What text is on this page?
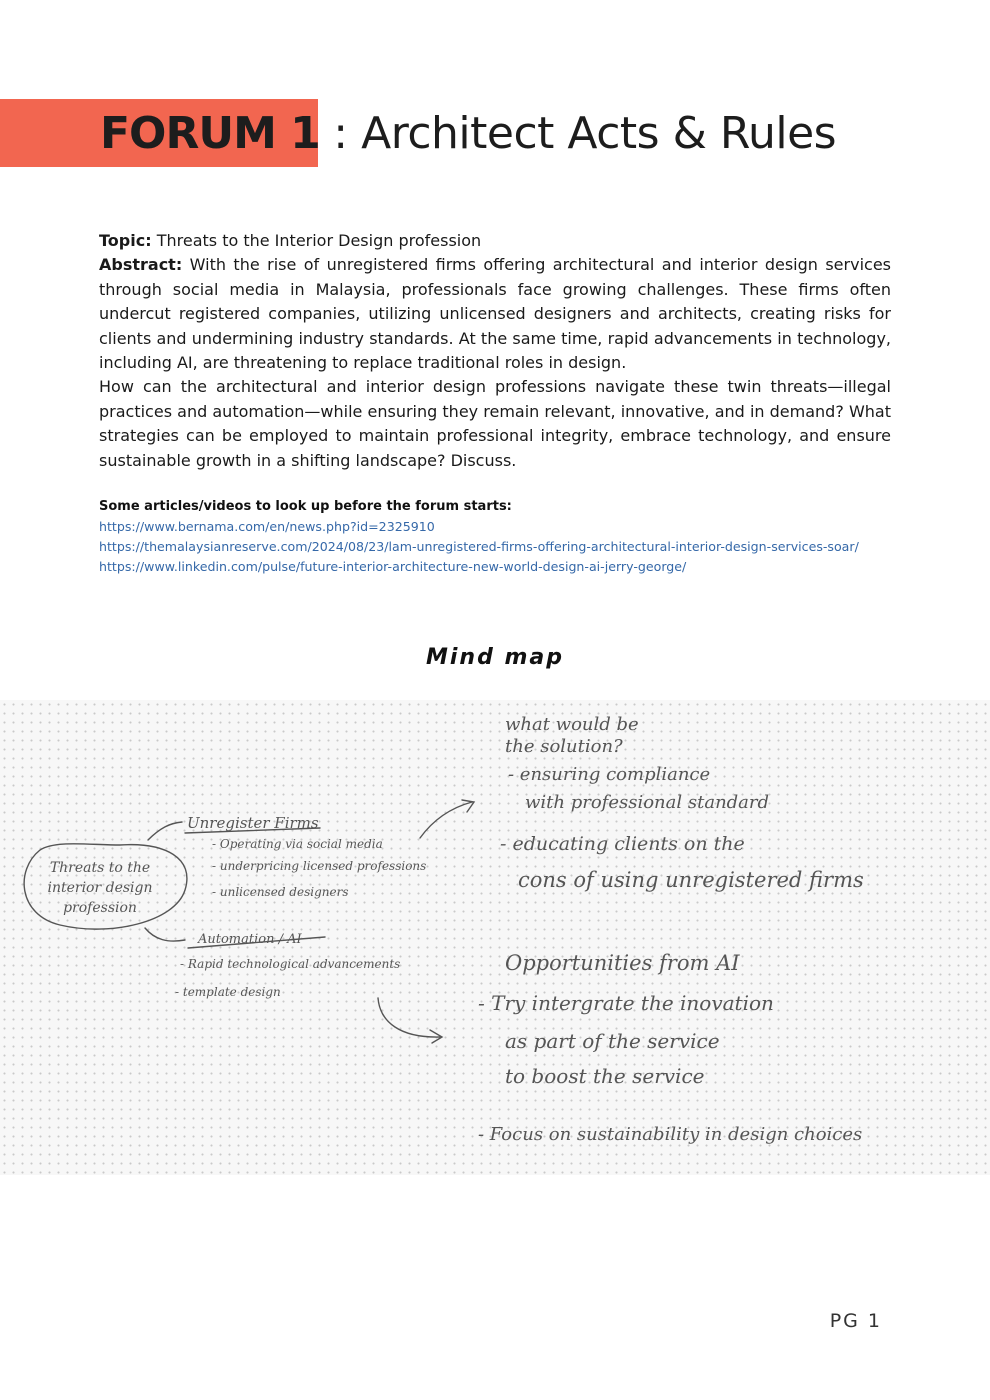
FORUM 1 : Architect Acts & Rules

Topic: Threats to the Interior Design profession

Abstract: With the rise of unregistered firms offering architectural and interior design services through social media in Malaysia, professionals face growing challenges. These firms often undercut registered companies, utilizing unlicensed designers and architects, creating risks for clients and undermining industry standards. At the same time, rapid advancements in technology, including AI, are threatening to replace traditional roles in design.

How can the architectural and interior design professions navigate these twin threats—illegal practices and automation—while ensuring they remain relevant, innovative, and in demand? What strategies can be employed to maintain professional integrity, embrace technology, and ensure sustainable growth in a shifting landscape? Discuss.

Some articles/videos to look up before the forum starts:
https://www.bernama.com/en/news.php?id=2325910
https://themalaysianreserve.com/2024/08/23/lam-unregistered-firms-offering-architectural-interior-design-services-soar/
https://www.linkedin.com/pulse/future-interior-architecture-new-world-design-ai-jerry-george/
Mind map
Threats to the
interior design
profession
Unregister Firms
- Operating via social media
- underpricing licensed professions
- unlicensed designers
Automation / AI
- Rapid technological advancements
- template design
what would be
the solution?
- ensuring compliance
with professional standard
- educating clients on the
cons of using unregistered firms
Opportunities from AI
- Try intergrate the inovation
as part of the service
to boost the service
- Focus on sustainability in design choices
PG 1
